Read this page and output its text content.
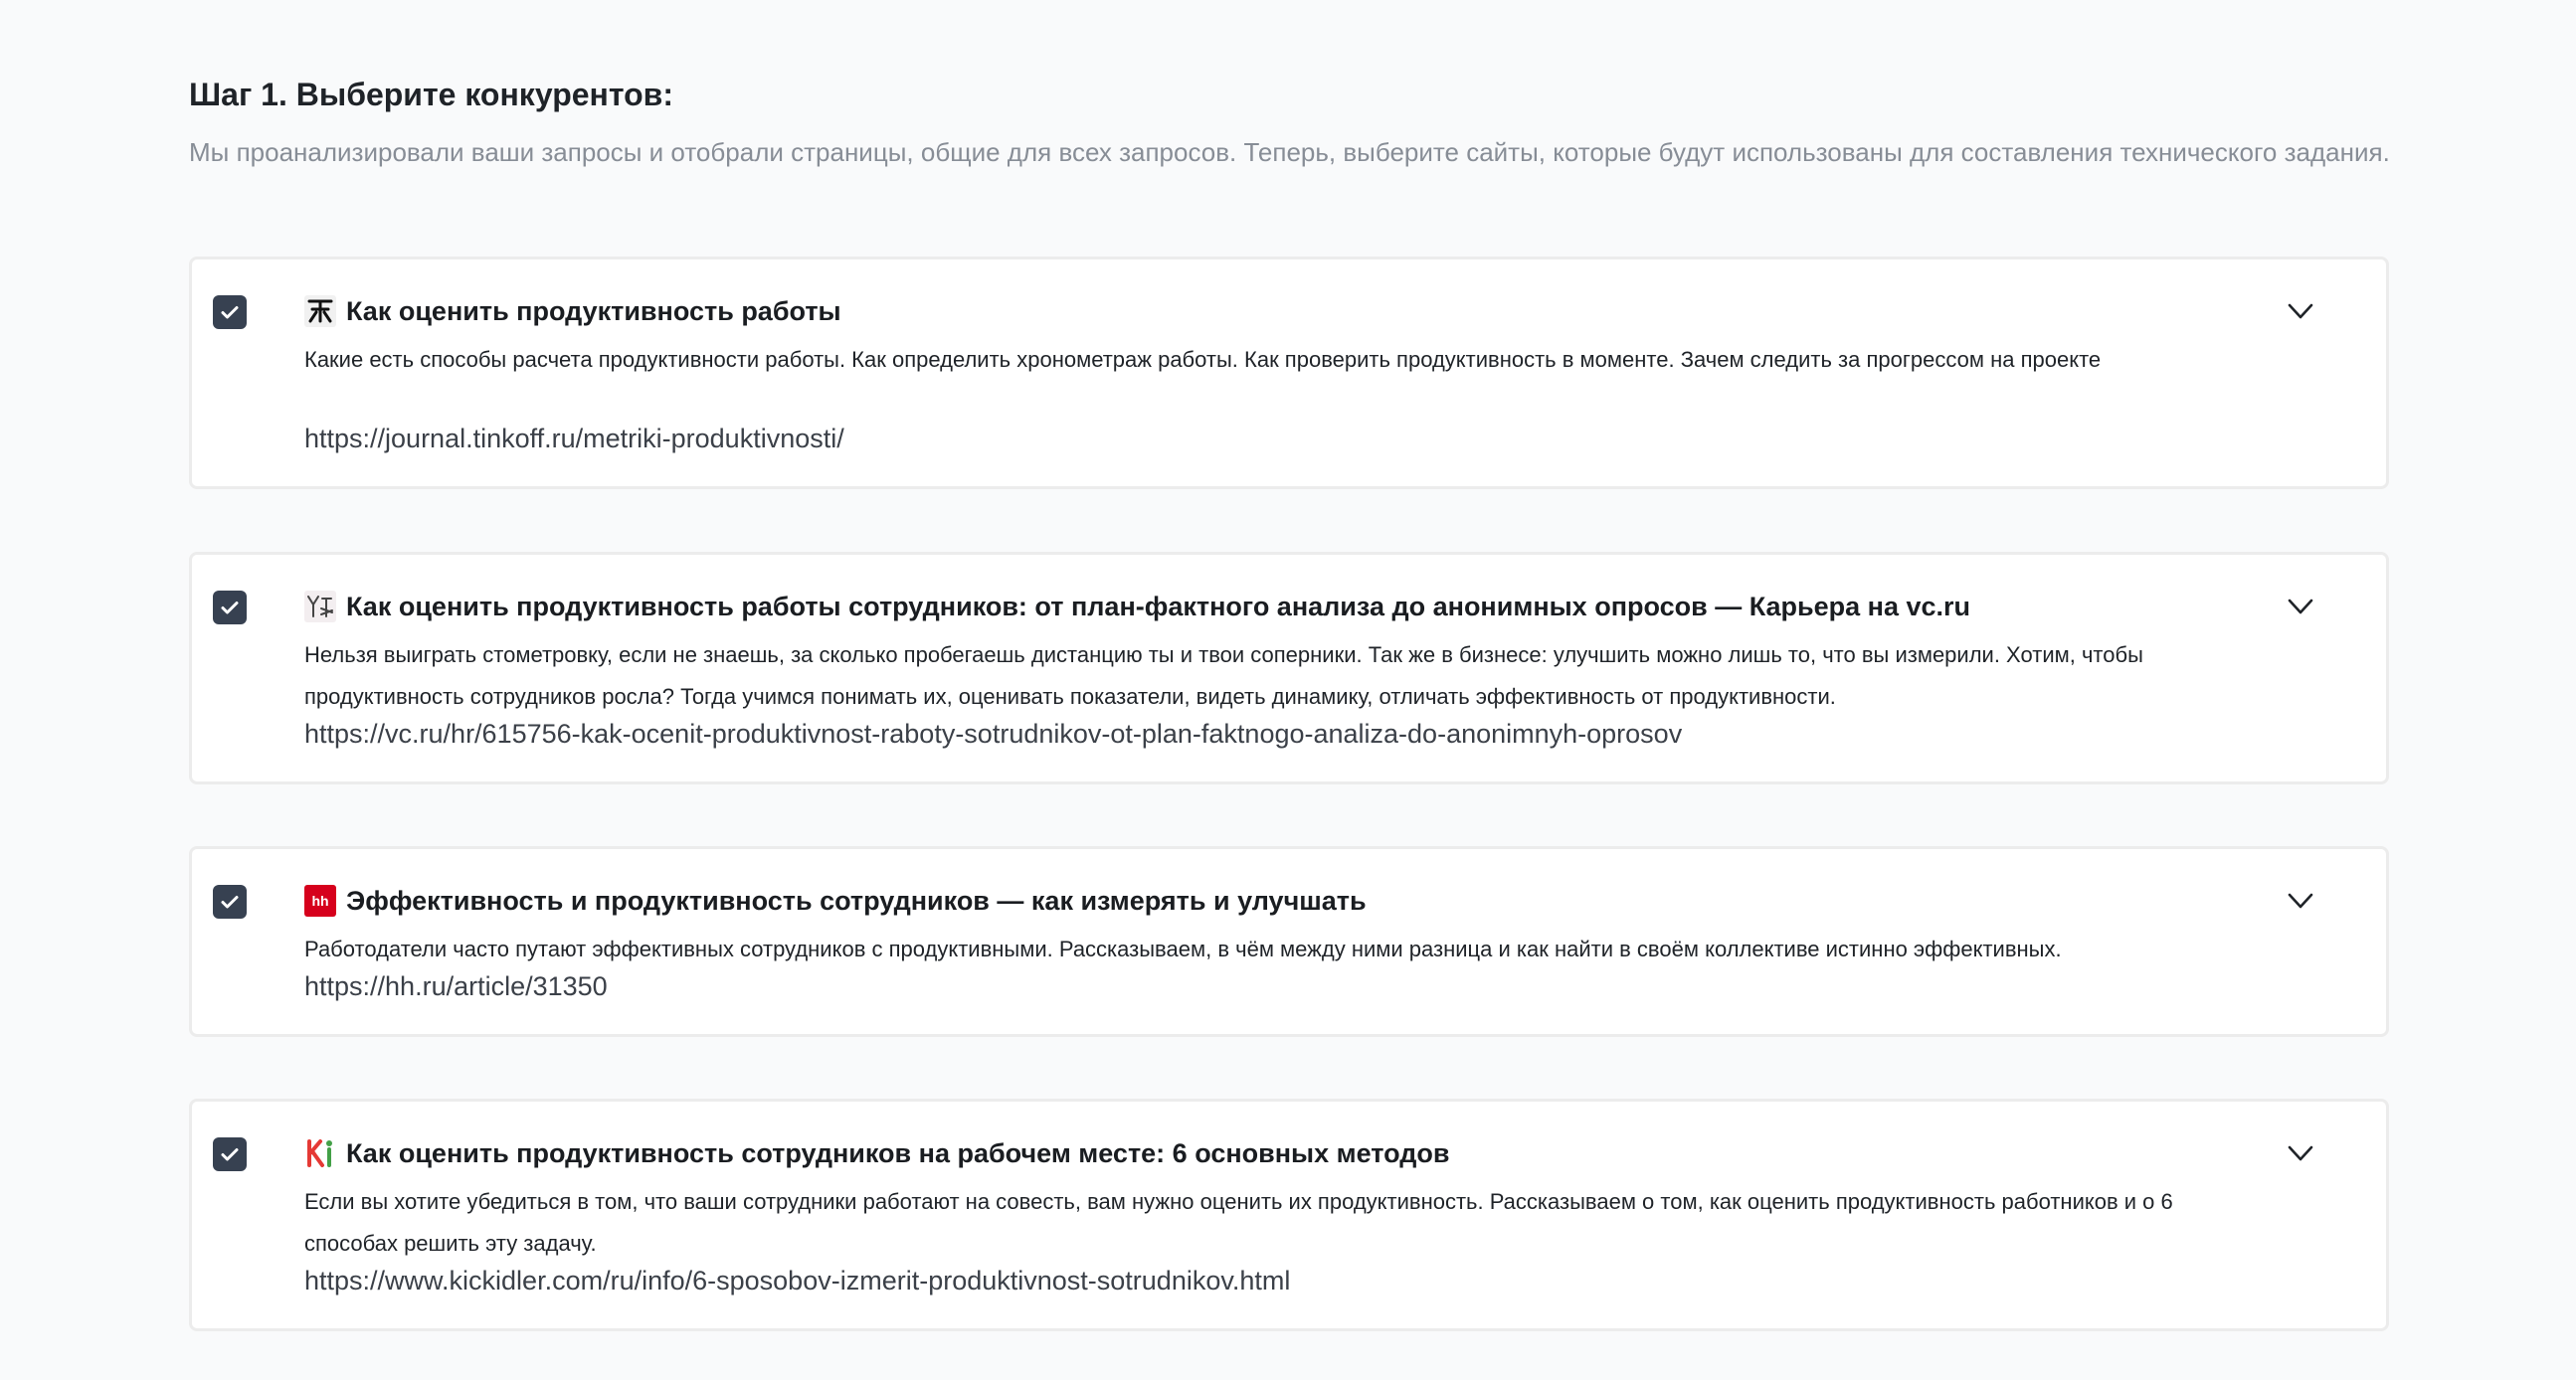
Шаг 1. Выберите конкурентов:

Мы проанализировали ваши запросы и отобрали страницы, общие для всех запросов. Теперь, выберите сайты, которые будут использованы для составления технического задания.

Как оценить продуктивность работы

Какие есть способы расчета продуктивности работы. Как определить хронометраж работы. Как проверить продуктивность в моменте. Зачем следить за прогрессом на проекте

https://journal.tinkoff.ru/metriki-produktivnosti/

Как оценить продуктивность работы сотрудников: от план-фактного анализа до анонимных опросов — Карьера на vc.ru

Нельзя выиграть стометровку, если не знаешь, за сколько пробегаешь дистанцию ты и твои соперники. Так же в бизнесе: улучшить можно лишь то, что вы измерили. Хотим, чтобы продуктивность сотрудников росла? Тогда учимся понимать их, оценивать показатели, видеть динамику, отличать эффективность от продуктивности.

https://vc.ru/hr/615756-kak-ocenit-produktivnost-raboty-sotrudnikov-ot-plan-faktnogo-analiza-do-anonimnyh-oprosov
hh Эффективность и продуктивность сотрудников — как измерять и улучшать

Работодатели часто путают эффективных сотрудников с продуктивными. Рассказываем, в чём между ними разница и как найти в своём коллективе истинно эффективных.

https://hh.ru/article/31350

Как оценить продуктивность сотрудников на рабочем месте: 6 основных методов

Если вы хотите убедиться в том, что ваши сотрудники работают на совесть, вам нужно оценить их продуктивность. Рассказываем о том, как оценить продуктивность работников и о 6 способах решить эту задачу.

https://www.kickidler.com/ru/info/6-sposobov-izmerit-produktivnost-sotrudnikov.html
